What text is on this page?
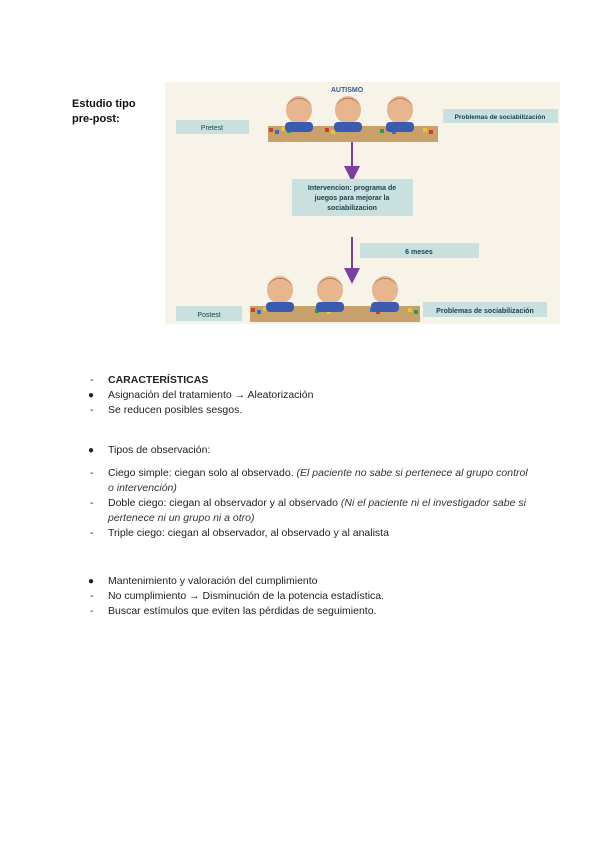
Estudio tipo
pre-post:
AUTISMO
Pretest
Problemas de sociabilización
Intervencion: programa de
juegos para mejorar la
sociabilizacion
6 meses
Postest
Problemas de sociabilización
-	CARACTERÍSTICAS
●	Asignación del tratamiento → Aleatorización
-	Se reducen posibles sesgos.
●	Tipos de observación:
-	Ciego simple: ciegan solo al observado. (El paciente no sabe si pertenece al grupo control o intervención)
-	Doble ciego: ciegan al observador y al observado (Ni el paciente ni el investigador sabe si pertenece ni un grupo ni a otro)
-	Triple ciego: ciegan al observador, al observado y al analista
●	Mantenimiento y valoración del cumplimiento
-	No cumplimiento → Disminución de la potencia estadística.
-	Buscar estímulos que eviten las pérdidas de seguimiento.
